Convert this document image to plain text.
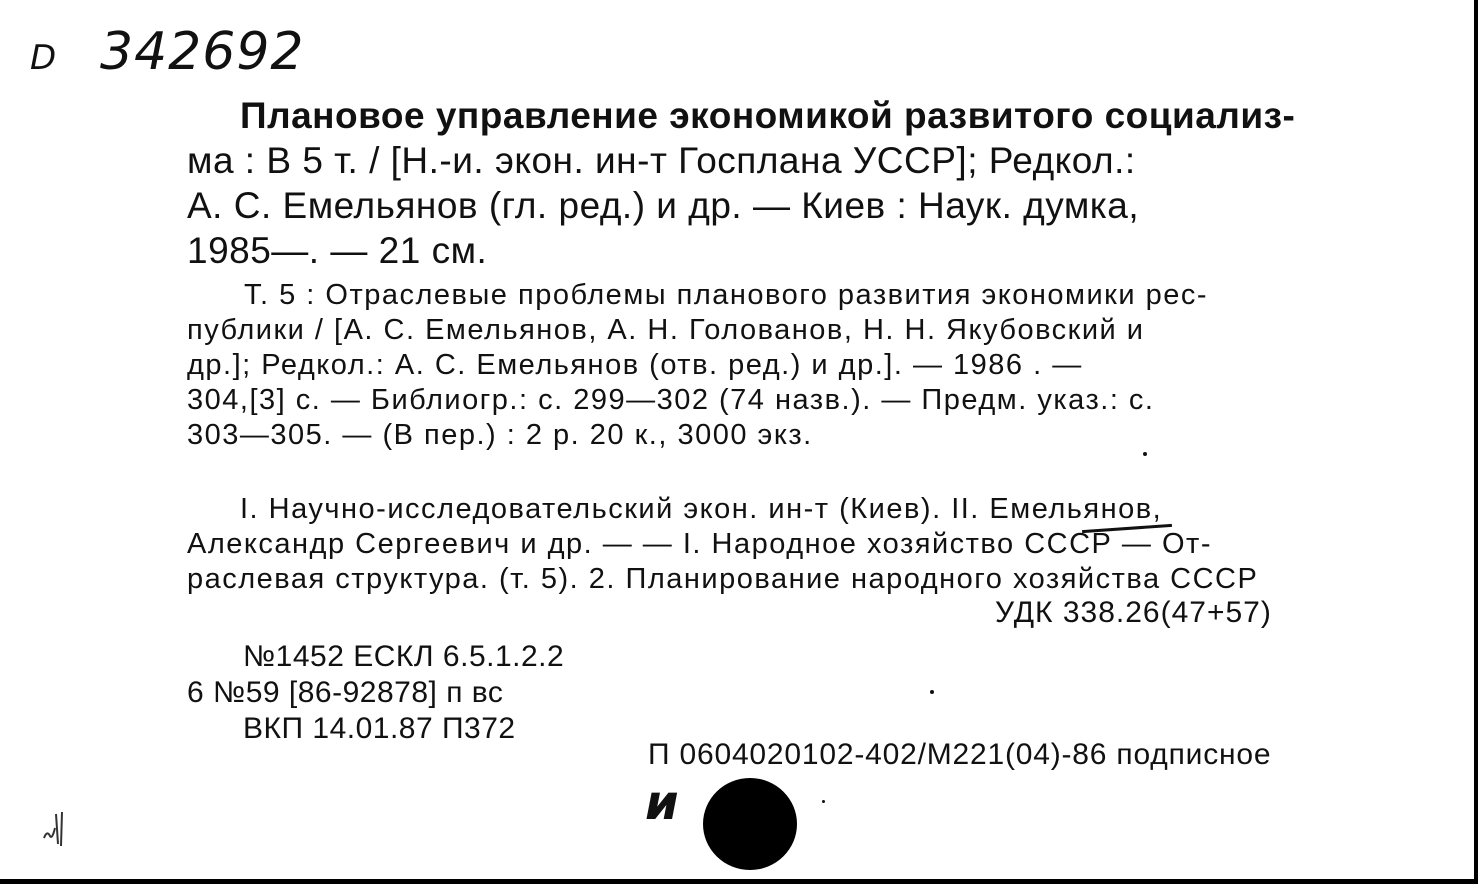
D 342692
Плановое управление экономикой развитого социализ-
ма : В 5 т. / [Н.-и. экон. ин-т Госплана УССР]; Редкол.:
А. С. Емельянов (гл. ред.) и др. — Киев : Наук. думка,
1985—. — 21 см.
Т. 5 : Отраслевые проблемы планового развития экономики рес-
публики / [А. С. Емельянов, А. Н. Голованов, Н. Н. Якубовский и
др.]; Редкол.: А. С. Емельянов (отв. ред.) и др.]. — 1986 . —
304,[3] с. — Библиогр.: с. 299—302 (74 назв.). — Предм. указ.: с.
303—305. — (В пер.) : 2 р. 20 к., 3000 экз.
I. Научно-исследовательский экон. ин-т (Киев). II. Емельянов,
Александр Сергеевич и др. — — I. Народное хозяйство СССР — От-
раслевая структура. (т. 5). 2. Планирование народного хозяйства СССР
УДК 338.26(47+57)
№1452 ЕСКЛ 6.5.1.2.2
6 №59 [86-92878] п вс
ВКП 14.01.87 П372
П 0604020102-402/М221(04)-86 подписное
и
